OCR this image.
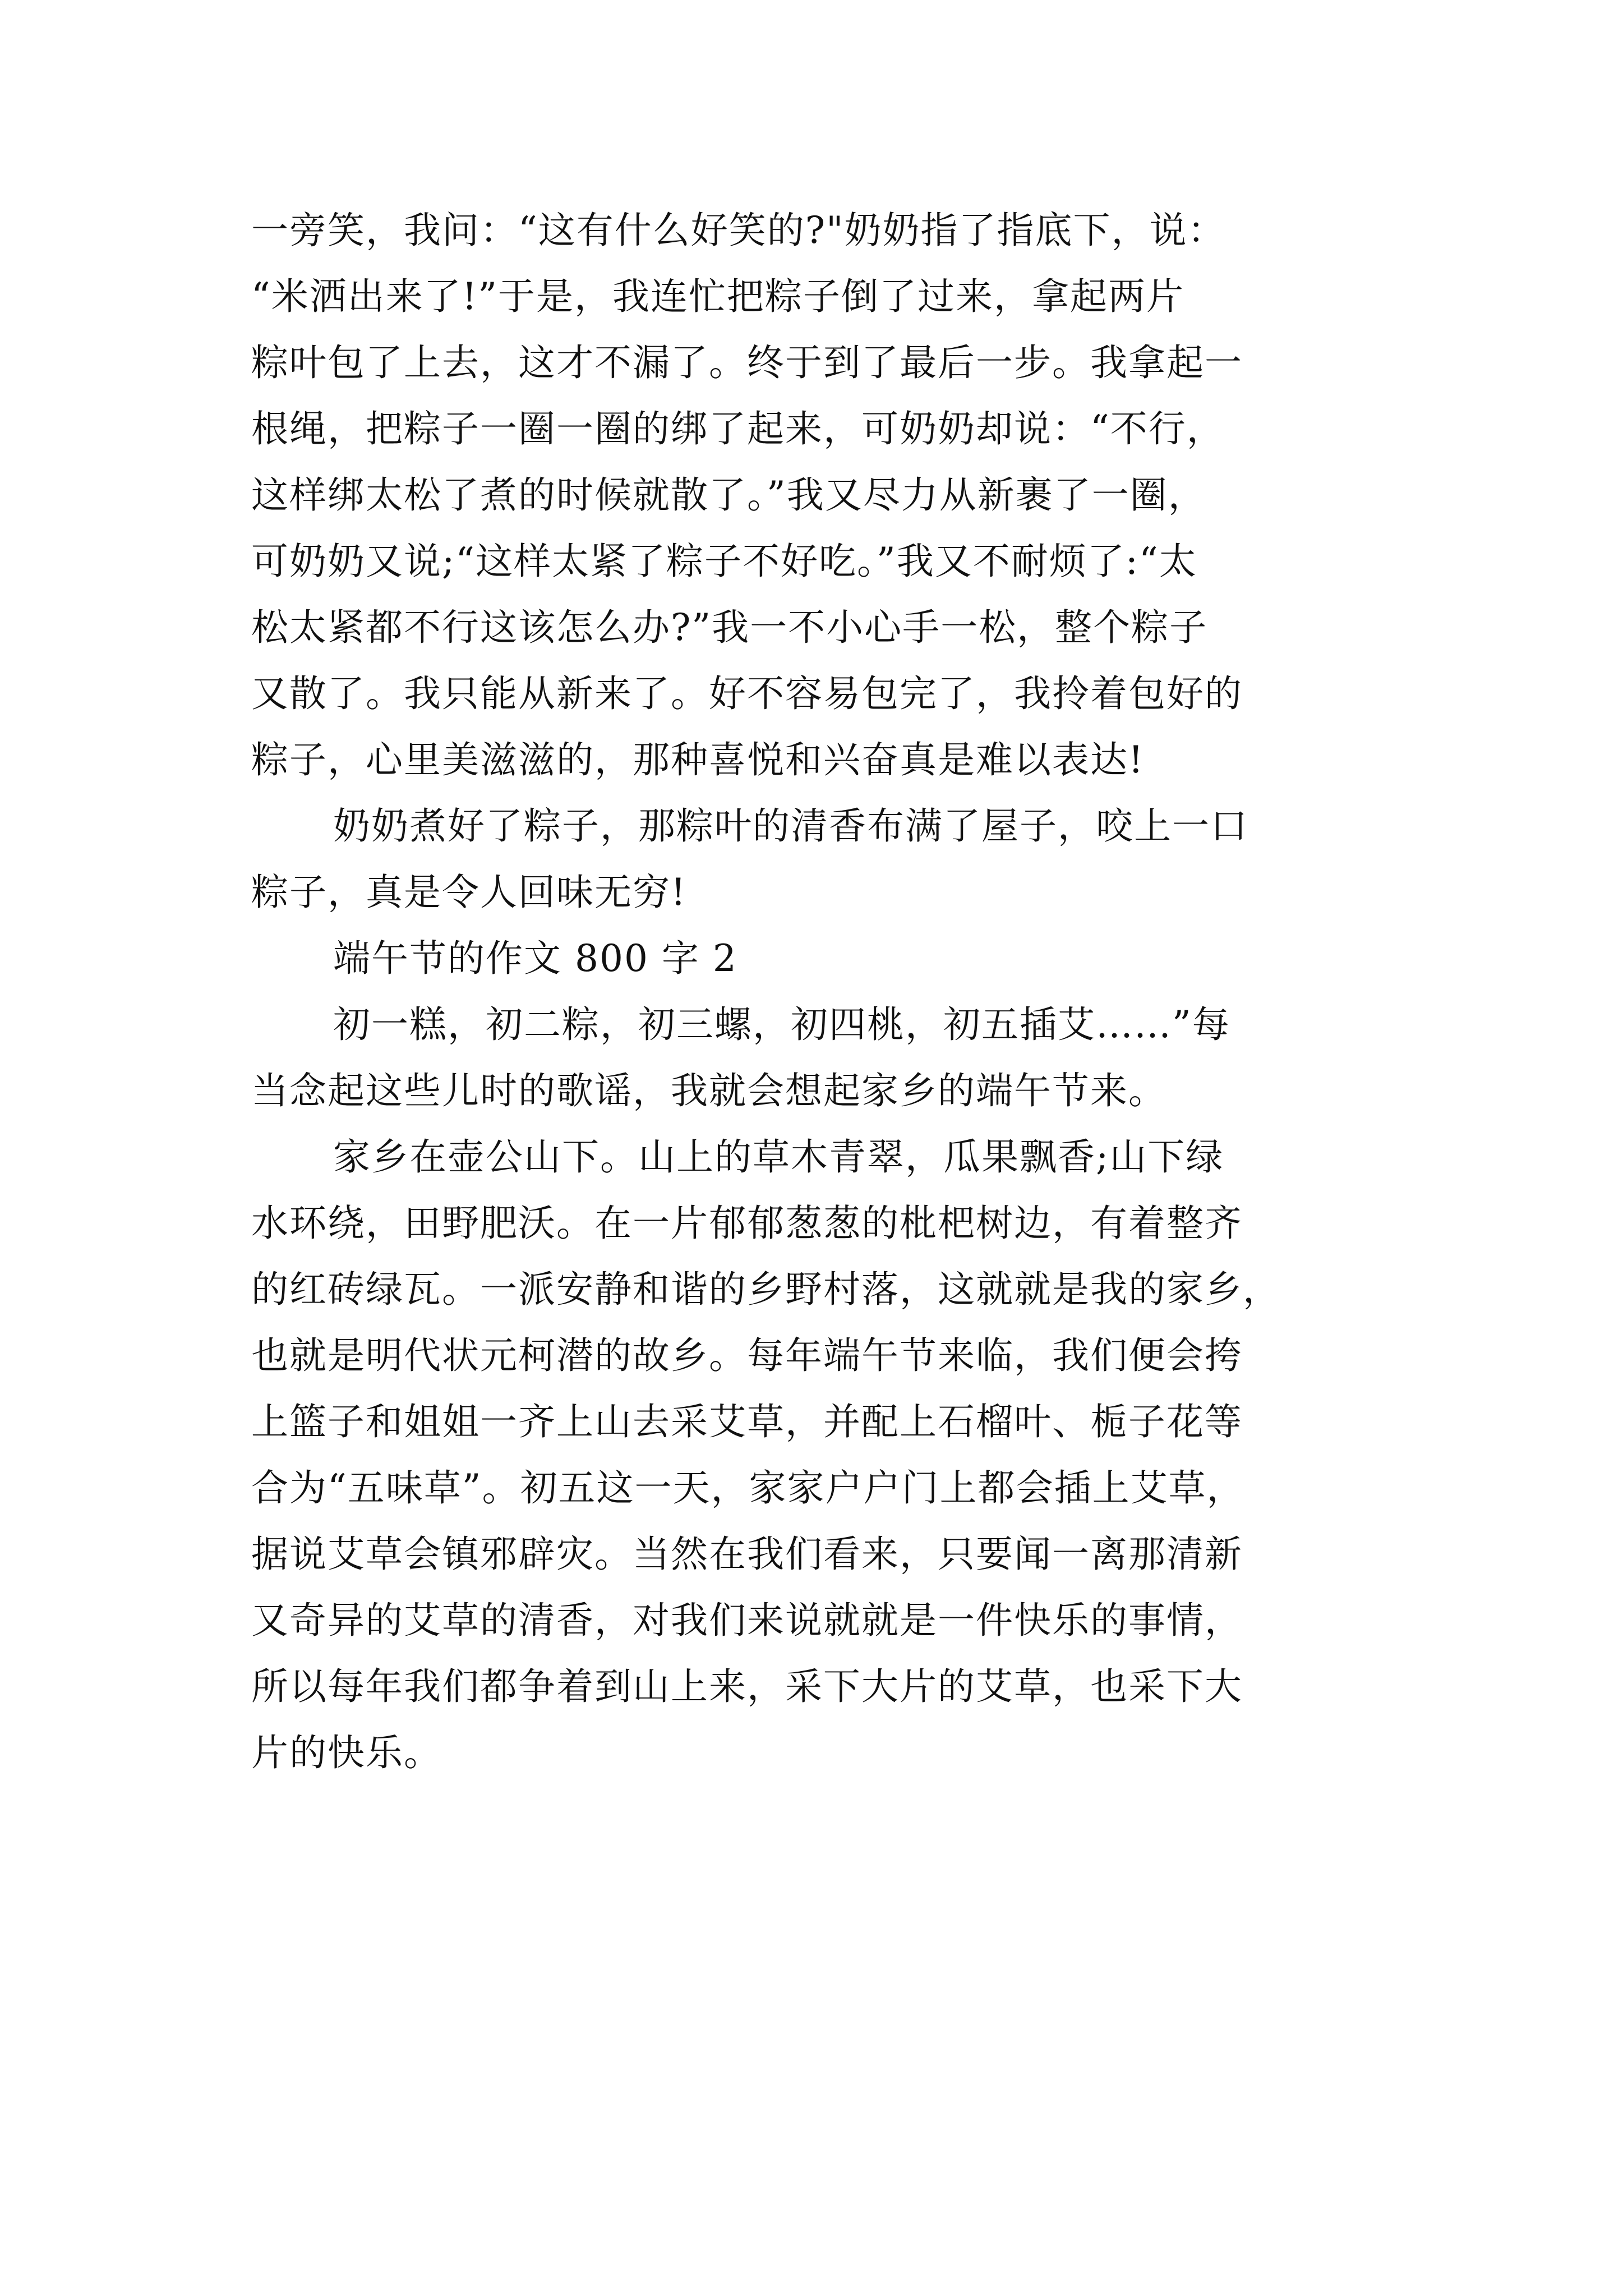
一旁笑，我问：“这有什么好笑的?"奶奶指了指底下，说：
“米洒出来了!”于是，我连忙把粽子倒了过来，拿起两片
粽叶包了上去，这才不漏了。终于到了最后一步。我拿起一
根绳，把粽子一圈一圈的绑了起来，可奶奶却说：“不行，
这样绑太松了煮的时候就散了。”我又尽力从新裹了一圈，
可奶奶又说;“这样太紧了粽子不好吃。”我又不耐烦了:“太
松太紧都不行这该怎么办?”我一不小心手一松，整个粽子
又散了。我只能从新来了。好不容易包完了，我拎着包好的
粽子，心里美滋滋的，那种喜悦和兴奋真是难以表达!
奶奶煮好了粽子，那粽叶的清香布满了屋子，咬上一口
粽子，真是令人回味无穷!
端午节的作文 800 字 2
初一糕，初二粽，初三螺，初四桃，初五插艾……”每
当念起这些儿时的歌谣，我就会想起家乡的端午节来。
家乡在壶公山下。山上的草木青翠，瓜果飘香;山下绿
水环绕，田野肥沃。在一片郁郁葱葱的枇杷树边，有着整齐
的红砖绿瓦。一派安静和谐的乡野村落，这就就是我的家乡，
也就是明代状元柯潜的故乡。每年端午节来临，我们便会挎
上篮子和姐姐一齐上山去采艾草，并配上石榴叶、栀子花等
合为“五味草”。初五这一天，家家户户门上都会插上艾草，
据说艾草会镇邪辟灾。当然在我们看来，只要闻一离那清新
又奇异的艾草的清香，对我们来说就就是一件快乐的事情，
所以每年我们都争着到山上来，采下大片的艾草，也采下大
片的快乐。
